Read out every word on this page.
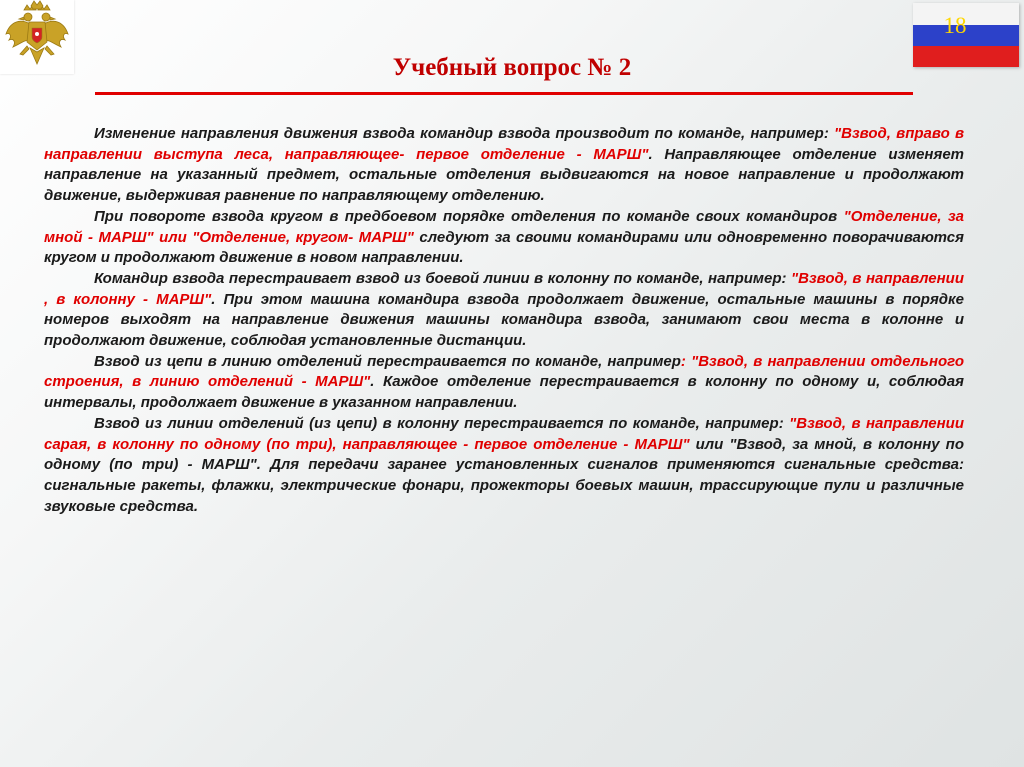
18
Учебный вопрос № 2

Изменение направления движения взвода командир взвода производит по команде, например: "Взвод, вправо в направлении выступа леса, направляющее- первое отделение - МАРШ". Направляющее отделение изменяет направление на указанный предмет, остальные отделения выдвигаются на новое направление и продолжают движение, выдерживая равнение по направляющему отделению.

При повороте взвода кругом в предбоевом порядке отделения по команде своих командиров "Отделение, за мной - МАРШ" или "Отделение, кругом- МАРШ" следуют за своими командирами или одновременно поворачиваются кругом и продолжают движение в новом направлении.

Командир взвода перестраивает взвод из боевой линии в колонну по команде, например: "Взвод, в направлении , в колонну - МАРШ". При этом машина командира взвода продолжает движение, остальные машины в порядке номеров выходят на направление движения машины командира взвода, занимают свои места в колонне и продолжают движение, соблюдая установленные дистанции.

Взвод из цепи в линию отделений перестраивается по команде, например: "Взвод, в направлении отдельного строения, в линию отделений - МАРШ". Каждое отделение перестраивается в колонну по одному и, соблюдая интервалы, продолжает движение в указанном направлении.

Взвод из линии отделений (из цепи) в колонну перестраивается по команде, например: "Взвод, в направлении сарая, в колонну по одному (по три), направляющее - первое отделение - МАРШ" или "Взвод, за мной, в колонну по одному (по три) - МАРШ". Для передачи заранее установленных сигналов применяются сигнальные средства: сигнальные ракеты, флажки, электрические фонари, прожекторы боевых машин, трассирующие пули и различные звуковые средства.
